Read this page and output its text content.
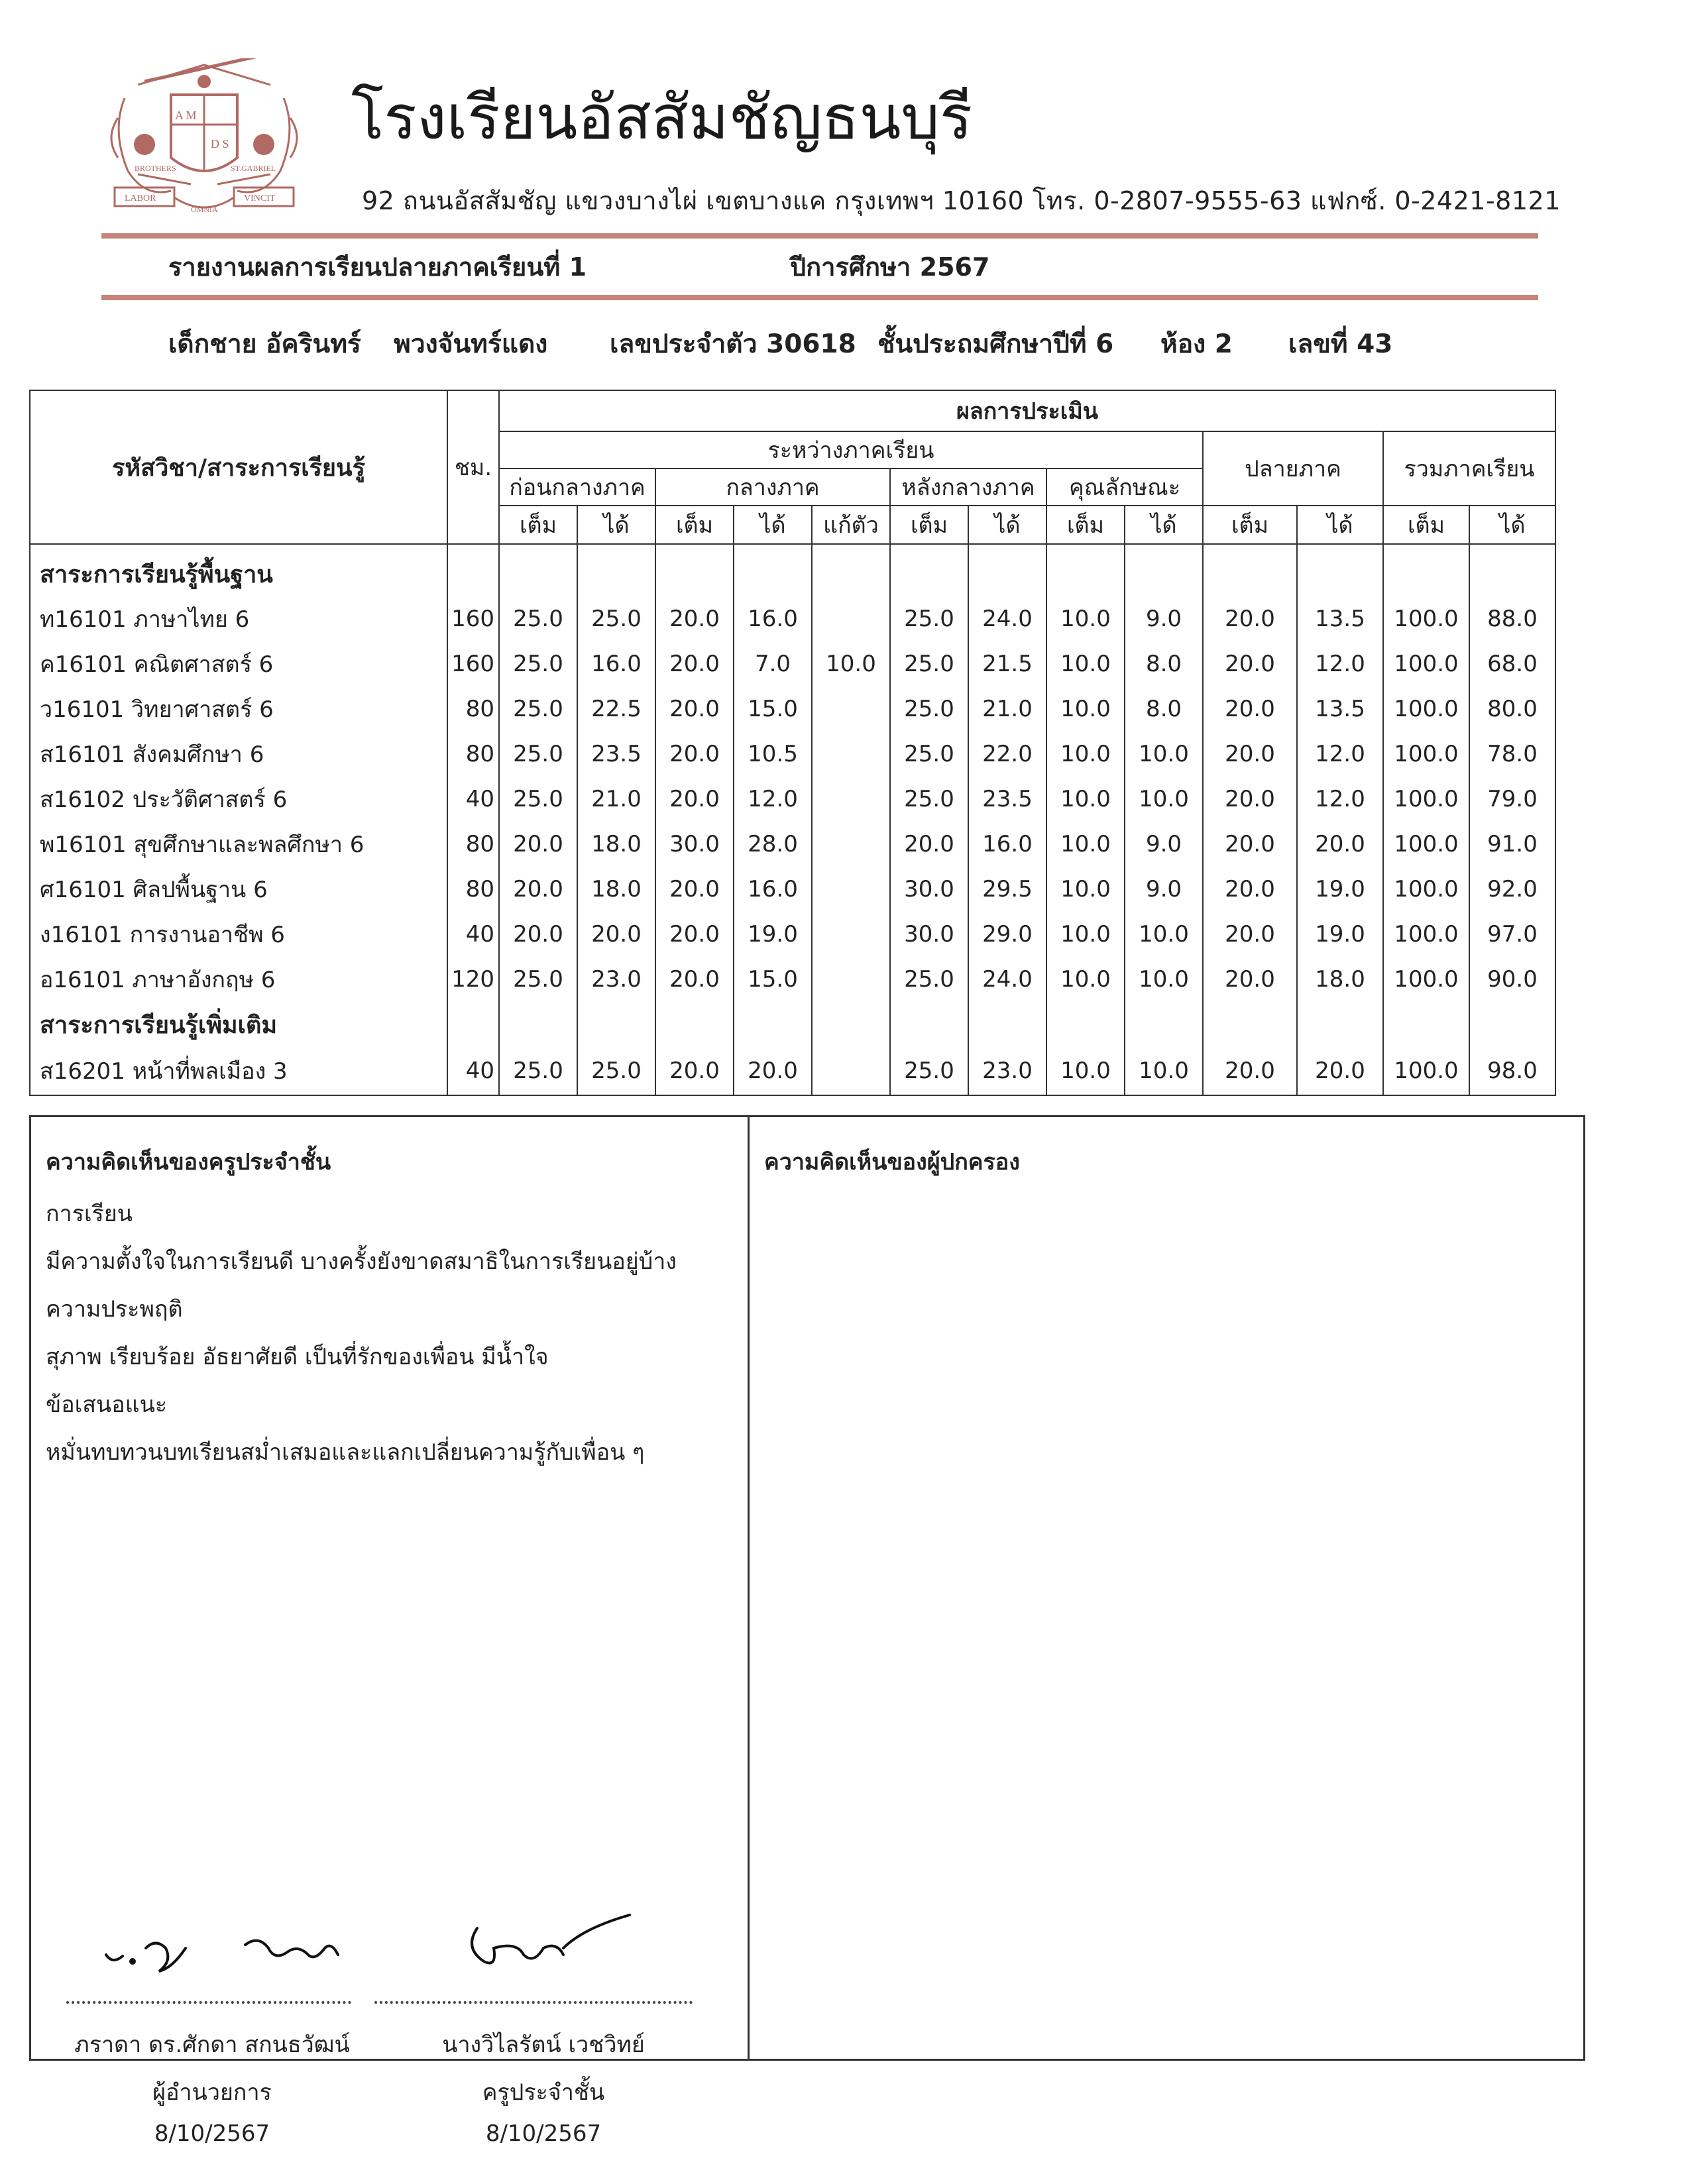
A M
D S
BROTHERS	ST.GABRIEL
LABOR	VINCIT
OMNIA
โรงเรียนอัสสัมชัญธนบุรี
92 ถนนอัสสัมชัญ แขวงบางไผ่ เขตบางแค กรุงเทพฯ 10160 โทร. 0-2807-9555-63 แฟกซ์. 0-2421-8121
รายงานผลการเรียนปลายภาคเรียนที่ 1	ปีการศึกษา 2567
เด็กชาย อัครินทร์ พวงจันทร์แดง เลขประจำตัว 30618 ชั้นประถมศึกษาปีที่ 6 ห้อง 2 เลขที่ 43
รหัสวิชา/สาระการเรียนรู้	ชม.	ผลการประเมิน												
		ระหว่างภาคเรียน									ปลายภาค		รวมภาคเรียน	
		ก่อนกลางภาค		กลางภาค			หลังกลางภาค		คุณลักษณะ					
		เต็ม	ได้	เต็ม	ได้	แก้ตัว	เต็ม	ได้	เต็ม	ได้	เต็ม	ได้	เต็ม	ได้
สาระการเรียนรู้พื้นฐาน														
ท16101 ภาษาไทย 6	160	25.0	25.0	20.0	16.0		25.0	24.0	10.0	9.0	20.0	13.5	100.0	88.0
ค16101 คณิตศาสตร์ 6	160	25.0	16.0	20.0	7.0	10.0	25.0	21.5	10.0	8.0	20.0	12.0	100.0	68.0
ว16101 วิทยาศาสตร์ 6	80	25.0	22.5	20.0	15.0		25.0	21.0	10.0	8.0	20.0	13.5	100.0	80.0
ส16101 สังคมศึกษา 6	80	25.0	23.5	20.0	10.5		25.0	22.0	10.0	10.0	20.0	12.0	100.0	78.0
ส16102 ประวัติศาสตร์ 6	40	25.0	21.0	20.0	12.0		25.0	23.5	10.0	10.0	20.0	12.0	100.0	79.0
พ16101 สุขศึกษาและพลศึกษา 6	80	20.0	18.0	30.0	28.0		20.0	16.0	10.0	9.0	20.0	20.0	100.0	91.0
ศ16101 ศิลปพื้นฐาน 6	80	20.0	18.0	20.0	16.0		30.0	29.5	10.0	9.0	20.0	19.0	100.0	92.0
ง16101 การงานอาชีพ 6	40	20.0	20.0	20.0	19.0		30.0	29.0	10.0	10.0	20.0	19.0	100.0	97.0
อ16101 ภาษาอังกฤษ 6	120	25.0	23.0	20.0	15.0		25.0	24.0	10.0	10.0	20.0	18.0	100.0	90.0
สาระการเรียนรู้เพิ่มเติม														
ส16201 หน้าที่พลเมือง 3	40	25.0	25.0	20.0	20.0		25.0	23.0	10.0	10.0	20.0	20.0	100.0	98.0
ความคิดเห็นของครูประจำชั้น
การเรียน
มีความตั้งใจในการเรียนดี บางครั้งยังขาดสมาธิในการเรียนอยู่บ้าง
ความประพฤติ
สุภาพ เรียบร้อย อัธยาศัยดี เป็นที่รักของเพื่อน มีน้ำใจ
ข้อเสนอแนะ
หมั่นทบทวนบทเรียนสม่ำเสมอและแลกเปลี่ยนความรู้กับเพื่อน ๆ
ความคิดเห็นของผู้ปกครอง
ภราดา ดร.ศักดา สกนธวัฒน์
ผู้อำนวยการ
8/10/2567
นางวิไลรัตน์ เวชวิทย์
ครูประจำชั้น
8/10/2567
